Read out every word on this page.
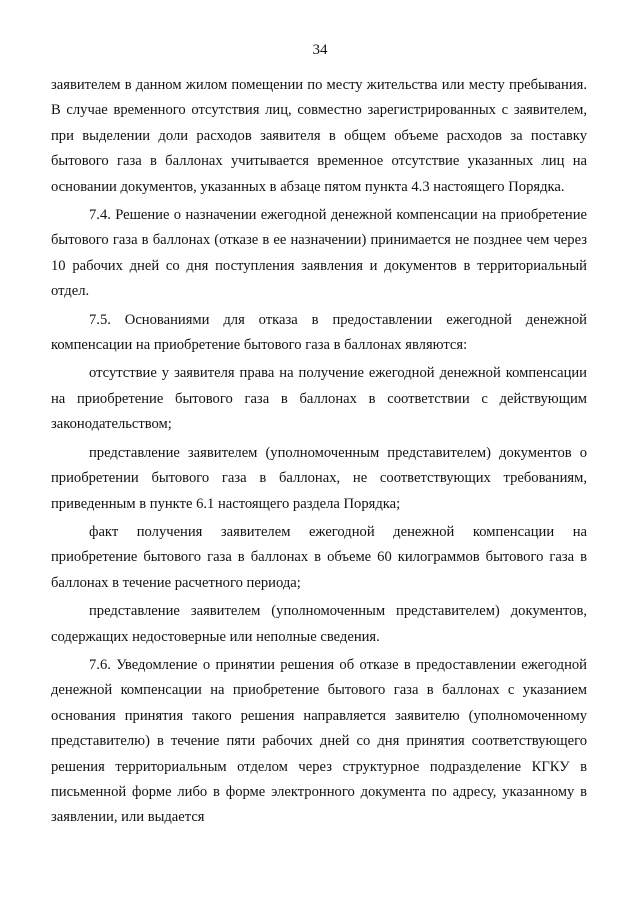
34

заявителем в данном жилом помещении по месту жительства или месту пребывания. В случае временного отсутствия лиц, совместно зарегистрированных с заявителем, при выделении доли расходов заявителя в общем объеме расходов за поставку бытового газа в баллонах учитывается временное отсутствие указанных лиц на основании документов, указанных в абзаце пятом пункта 4.3 настоящего Порядка.

7.4. Решение о назначении ежегодной денежной компенсации на приобретение бытового газа в баллонах (отказе в ее назначении) принимается не позднее чем через 10 рабочих дней со дня поступления заявления и документов в территориальный отдел.

7.5. Основаниями для отказа в предоставлении ежегодной денежной компенсации на приобретение бытового газа в баллонах являются:

отсутствие у заявителя права на получение ежегодной денежной компенсации на приобретение бытового газа в баллонах в соответствии с действующим законодательством;

представление заявителем (уполномоченным представителем) документов о приобретении бытового газа в баллонах, не соответствующих требованиям, приведенным в пункте 6.1 настоящего раздела Порядка;

факт получения заявителем ежегодной денежной компенсации на приобретение бытового газа в баллонах в объеме 60 килограммов бытового газа в баллонах в течение расчетного периода;

представление заявителем (уполномоченным представителем) документов, содержащих недостоверные или неполные сведения.

7.6. Уведомление о принятии решения об отказе в предоставлении ежегодной денежной компенсации на приобретение бытового газа в баллонах с указанием основания принятия такого решения направляется заявителю (уполномоченному представителю) в течение пяти рабочих дней со дня принятия соответствующего решения территориальным отделом через структурное подразделение КГКУ в письменной форме либо в форме электронного документа по адресу, указанному в заявлении, или выдается
